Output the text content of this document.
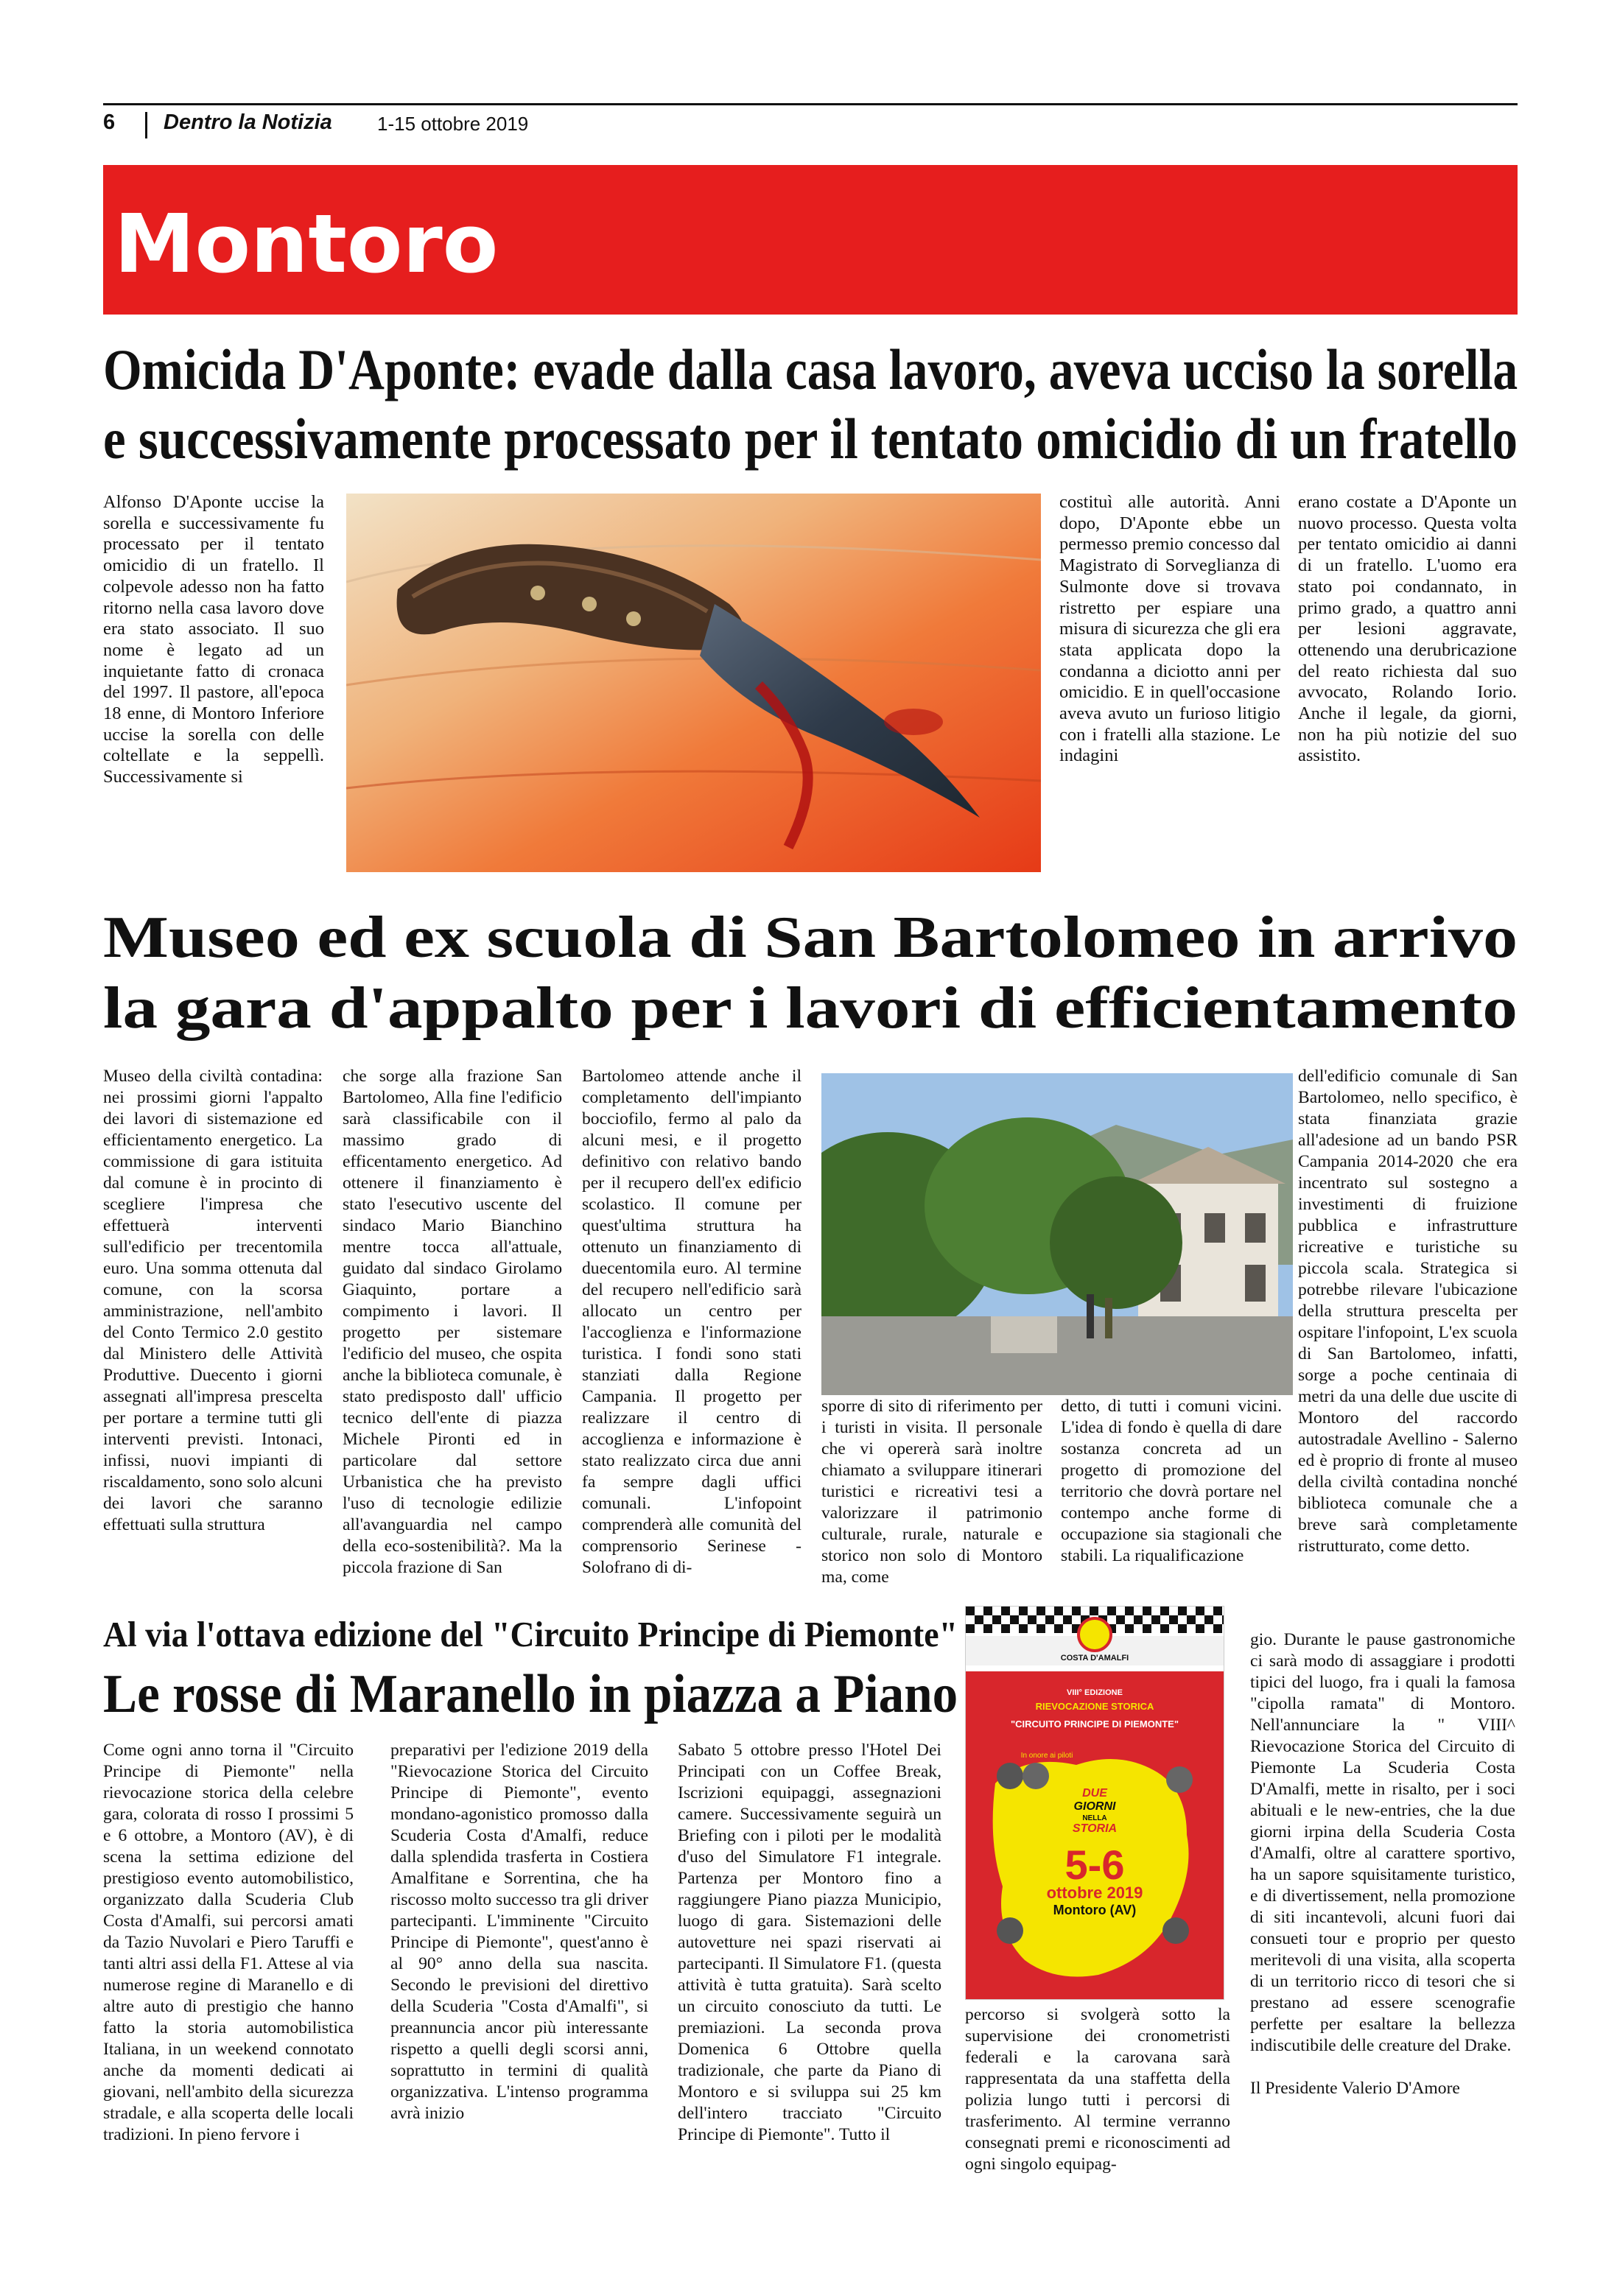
6 Dentro la Notizia 1-15 ottobre 2019
Montoro
Omicida D'Aponte: evade dalla casa lavoro, aveva ucciso la sorella
e successivamente processato per il tentato omicidio di un fratello

Alfonso D'Aponte uccise la sorella e successivamente fu processato per il tentato omicidio di un fratello. Il colpevole adesso non ha fatto ritorno nella casa lavoro dove era stato associato. Il suo nome è legato ad un inquietante fatto di cronaca del 1997. Il pastore, all'epoca 18 enne, di Montoro Inferiore uccise la sorella con delle coltellate e la seppellì. Successivamente si

costituì alle autorità. Anni dopo, D'Aponte ebbe un permesso premio concesso dal Magistrato di Sorveglianza di Sulmonte dove si trovava ristretto per espiare una misura di sicurezza che gli era stata applicata dopo la condanna a diciotto anni per omicidio. E in quell'occasione aveva avuto un furioso litigio con i fratelli alla stazione. Le indagini

erano costate a D'Aponte un nuovo processo. Questa volta per tentato omicidio ai danni di un fratello. L'uomo era stato poi condannato, in primo grado, a quattro anni per lesioni aggravate, ottenendo una derubricazione del reato richiesta dal suo avvocato, Rolando Iorio. Anche il legale, da giorni, non ha più notizie del suo assistito.

Museo ed ex scuola di San Bartolomeo in arrivo
la gara d'appalto per i lavori di efficientamento

Museo della civiltà contadina: nei prossimi giorni l'appalto dei lavori di sistemazione ed efficientamento energetico. La commissione di gara istituita dal comune è in procinto di scegliere l'impresa che effettuerà interventi sull'edificio per trecentomila euro. Una somma ottenuta dal comune, con la scorsa amministrazione, nell'ambito del Conto Termico 2.0 gestito dal Ministero delle Attività Produttive. Duecento i giorni assegnati all'impresa prescelta per portare a termine tutti gli interventi previsti. Intonaci, infissi, nuovi impianti di riscaldamento, sono solo alcuni dei lavori che saranno effettuati sulla struttura

che sorge alla frazione San Bartolomeo, Alla fine l'edificio sarà classificabile con il massimo grado di efficentamento energetico. Ad ottenere il finanziamento è stato l'esecutivo uscente del sindaco Mario Bianchino mentre tocca all'attuale, guidato dal sindaco Girolamo Giaquinto, portare a compimento i lavori. Il progetto per sistemare l'edificio del museo, che ospita anche la biblioteca comunale, è stato predisposto dall' ufficio tecnico dell'ente di piazza Michele Pironti ed in particolare dal settore Urbanistica che ha previsto l'uso di tecnologie edilizie all'avanguardia nel campo della eco-sostenibilità?. Ma la piccola frazione di San

Bartolomeo attende anche il completamento dell'impianto bocciofilo, fermo al palo da alcuni mesi, e il progetto definitivo con relativo bando per il recupero dell'ex edificio scolastico. Il comune per quest'ultima struttura ha ottenuto un finanziamento di duecentomila euro. Al termine del recupero nell'edificio sarà allocato un centro per l'accoglienza e l'informazione turistica. I fondi sono stati stanziati dalla Regione Campania. Il progetto per realizzare il centro di accoglienza e informazione è stato realizzato circa due anni fa sempre dagli uffici comunali. L'infopoint comprenderà alle comunità del comprensorio Serinese - Solofrano di di-

sporre di sito di riferimento per i turisti in visita. Il personale che vi opererà sarà inoltre chiamato a sviluppare itinerari turistici e ricreativi tesi a valorizzare il patrimonio culturale, rurale, naturale e storico non solo di Montoro ma, come

detto, di tutti i comuni vicini. L'idea di fondo è quella di dare sostanza concreta ad un progetto di promozione del territorio che dovrà portare nel contempo anche forme di occupazione sia stagionali che stabili. La riqualificazione

dell'edificio comunale di San Bartolomeo, nello specifico, è stata finanziata grazie all'adesione ad un bando PSR Campania 2014-2020 che era incentrato sul sostegno a investimenti di fruizione pubblica e infrastrutture ricreative e turistiche su piccola scala. Strategica si potrebbe rilevare l'ubicazione della struttura prescelta per ospitare l'infopoint, L'ex scuola di San Bartolomeo, infatti, sorge a poche centinaia di metri da una delle due uscite di Montoro del raccordo autostradale Avellino - Salerno ed è proprio di fronte al museo della civiltà contadina nonché biblioteca comunale che a breve sarà completamente ristrutturato, come detto.

Al via l'ottava edizione del "Circuito Principe di Piemonte"
Le rosse di Maranello in piazza a Piano

Come ogni anno torna il "Circuito Principe di Piemonte" nella rievocazione storica della celebre gara, colorata di rosso I prossimi 5 e 6 ottobre, a Montoro (AV), è di scena la settima edizione del prestigioso evento automobilistico, organizzato dalla Scuderia Club Costa d'Amalfi, sui percorsi amati da Tazio Nuvolari e Piero Taruffi e tanti altri assi della F1. Attese al via numerose regine di Maranello e di altre auto di prestigio che hanno fatto la storia automobilistica Italiana, in un weekend connotato anche da momenti dedicati ai giovani, nell'ambito della sicurezza stradale, e alla scoperta delle locali tradizioni. In pieno fervore i

preparativi per l'edizione 2019 della "Rievocazione Storica del Circuito Principe di Piemonte", evento mondano-agonistico promosso dalla Scuderia Costa d'Amalfi, reduce dalla splendida trasferta in Costiera Amalfitane e Sorrentina, che ha riscosso molto successo tra gli driver partecipanti. L'imminente "Circuito Principe di Piemonte", quest'anno è al 90° anno della sua nascita. Secondo le previsioni del direttivo della Scuderia "Costa d'Amalfi", si preannuncia ancor più interessante rispetto a quelli degli scorsi anni, soprattutto in termini di qualità organizzativa. L'intenso programma avrà inizio

Sabato 5 ottobre presso l'Hotel Dei Principati con un Coffee Break, Iscrizioni equipaggi, assegnazioni camere. Successivamente seguirà un Briefing con i piloti per le modalità d'uso del Simulatore F1 integrale. Partenza per Montoro fino a raggiungere Piano piazza Municipio, luogo di gara. Sistemazioni delle autovetture nei spazi riservati ai partecipanti. Il Simulatore F1. (questa attività è tutta gratuita). Sarà scelto un circuito conosciuto da tutti. Le premiazioni. La seconda prova Domenica 6 Ottobre quella tradizionale, che parte da Piano di Montoro e si sviluppa sui 25 km dell'intero tracciato "Circuito Principe di Piemonte". Tutto il

COSTA D'AMALFI
VIII° EDIZIONE
RIEVOCAZIONE STORICA
"CIRCUITO PRINCIPE DI PIEMONTE"
In onore ai piloti
DUE
GIORNI
NELLA
STORIA
5-6
ottobre 2019
Montoro (AV)

percorso si svolgerà sotto la supervisione dei cronometristi federali e la carovana sarà rappresentata da una staffetta della polizia lungo tutti i percorsi di trasferimento. Al termine verranno consegnati premi e riconoscimenti ad ogni singolo equipag-

gio. Durante le pause gastronomiche ci sarà modo di assaggiare i prodotti tipici del luogo, fra i quali la famosa "cipolla ramata" di Montoro. Nell'annunciare la " VIII^ Rievocazione Storica del Circuito di Piemonte La Scuderia Costa D'Amalfi, mette in risalto, per i soci abituali e le new-entries, che la due giorni irpina della Scuderia Costa d'Amalfi, oltre al carattere sportivo, ha un sapore squisitamente turistico, e di divertissement, nella promozione di siti incantevoli, alcuni fuori dai consueti tour e proprio per questo meritevoli di una visita, alla scoperta di un territorio ricco di tesori che si prestano ad essere scenografie perfette per esaltare la bellezza indiscutibile delle creature del Drake.

Il Presidente Valerio D'Amore
